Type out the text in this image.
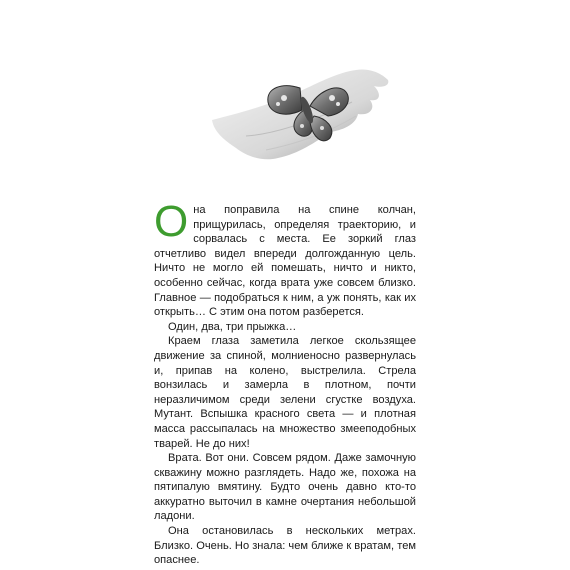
Она поправила на спине колчан, прищурилась, определяя траекторию, и сорвалась с места. Ее зоркий глаз отчетливо видел впереди долгожданную цель. Ничто не могло ей помешать, ничто и никто, особенно сейчас, когда врата уже совсем близко. Главное — подобраться к ним, а уж понять, как их открыть… С этим она потом разберется.

Один, два, три прыжка…

Краем глаза заметила легкое скользящее движение за спиной, молниеносно развернулась и, припав на колено, выстрелила. Стрела вонзилась и замерла в плотном, почти неразличимом среди зелени сгустке воздуха. Мутант. Вспышка красного света — и плотная масса рассыпалась на множество змееподобных тварей. Не до них!

Врата. Вот они. Совсем рядом. Даже замочную скважину можно разглядеть. Надо же, похожа на пятипалую вмятину. Будто очень давно кто-то аккуратно выточил в камне очертания небольшой ладони.

Она остановилась в нескольких метрах. Близко. Очень. Но знала: чем ближе к вратам, тем опаснее.
